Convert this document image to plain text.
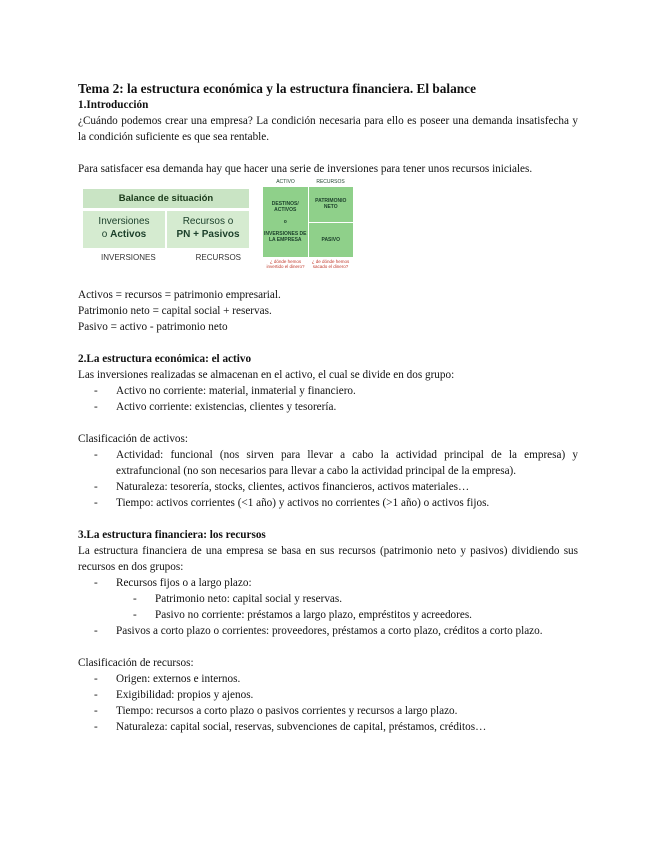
Tema 2: la estructura económica y la estructura financiera. El balance
1.Introducción

¿Cuándo podemos crear una empresa? La condición necesaria para ello es poseer una demanda insatisfecha y la condición suficiente es que sea rentable.

Para satisfacer esa demanda hay que hacer una serie de inversiones para tener unos recursos iniciales.

Balance de situación
Inversiones
o Activos
Recursos o
PN + Pasivos
INVERSIONES	RECURSOS
ACTIVO	RECURSOS
DESTINOS/ ACTIVOS
o
INVERSIONES DE LA EMPRESA
PATRIMONIO NETO
PASIVO
¿ dónde hemos invertido el dinero?
¿ de dónde hemos sacado el dinero?

Activos = recursos = patrimonio empresarial.

Patrimonio neto = capital social + reservas.

Pasivo = activo - patrimonio neto

2.La estructura económica: el activo

Las inversiones realizadas se almacenan en el activo, el cual se divide en dos grupo:

- Activo no corriente: material, inmaterial y financiero.
- Activo corriente: existencias, clientes y tesorería.

Clasificación de activos:

- Actividad: funcional (nos sirven para llevar a cabo la actividad principal de la empresa) y extrafuncional (no son necesarios para llevar a cabo la actividad principal de la empresa).
- Naturaleza: tesorería, stocks, clientes, activos financieros, activos materiales…
- Tiempo: activos corrientes (<1 año) y activos no corrientes (>1 año) o activos fijos.
3.La estructura financiera: los recursos

La estructura financiera de una empresa se basa en sus recursos (patrimonio neto y pasivos) dividiendo sus recursos en dos grupos:

- Recursos fijos o a largo plazo:
- Patrimonio neto: capital social y reservas.
- Pasivo no corriente: préstamos a largo plazo, empréstitos y acreedores.
- Pasivos a corto plazo o corrientes: proveedores, préstamos a corto plazo, créditos a corto plazo.

Clasificación de recursos:

- Origen: externos e internos.
- Exigibilidad: propios y ajenos.
- Tiempo: recursos a corto plazo o pasivos corrientes y recursos a largo plazo.
- Naturaleza: capital social, reservas, subvenciones de capital, préstamos, créditos…
